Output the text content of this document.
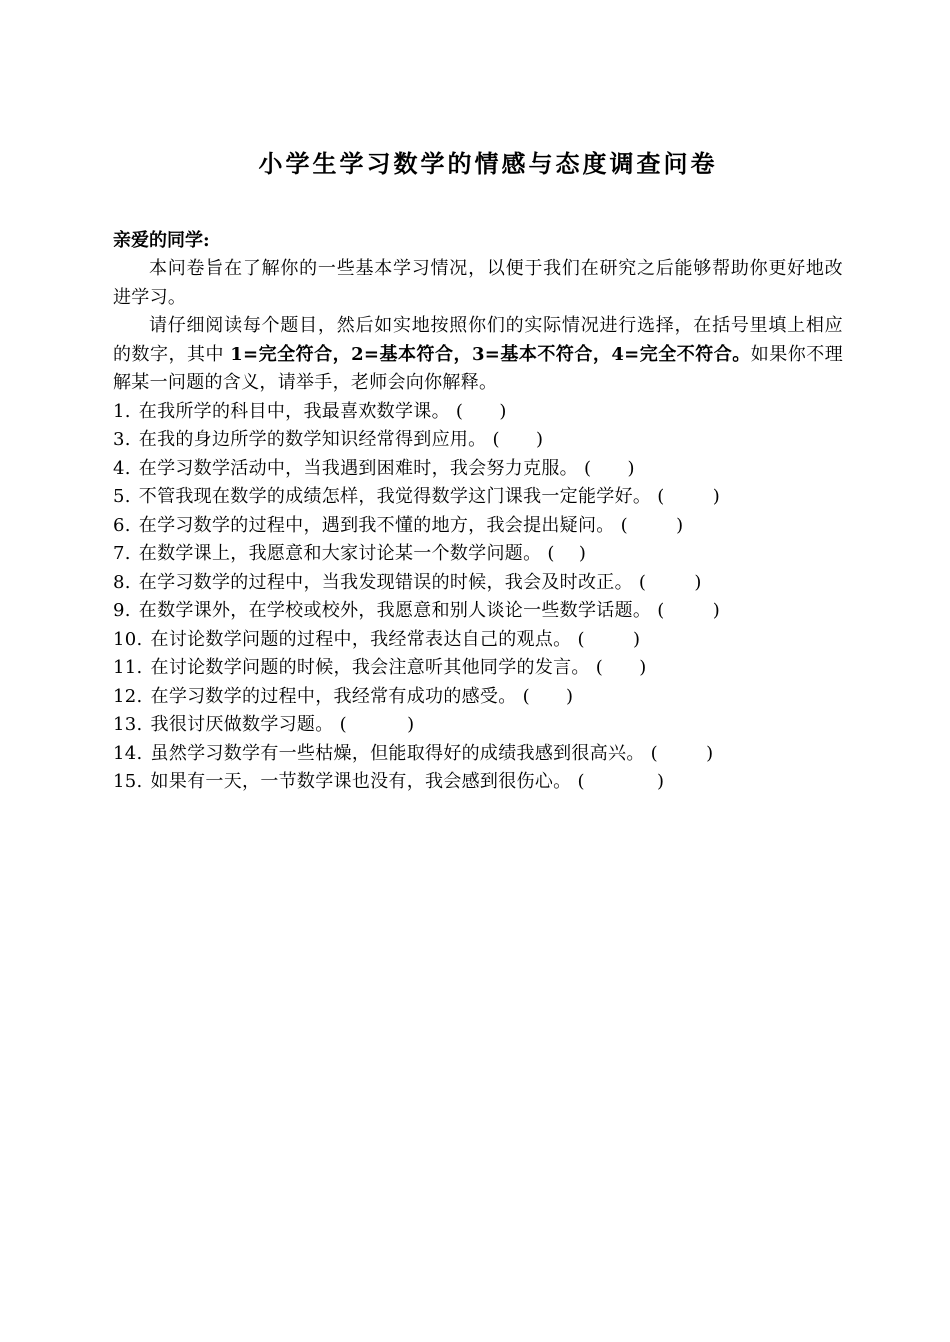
小学生学习数学的情感与态度调查问卷

亲爱的同学:

本问卷旨在了解你的一些基本学习情况，以便于我们在研究之后能够帮助你更好地改进学习。

请仔细阅读每个题目，然后如实地按照你们的实际情况进行选择，在括号里填上相应的数字，其中 1=完全符合，2=基本符合，3=基本不符合，4=完全不符合。如果你不理解某一问题的含义，请举手，老师会向你解释。

1. 在我所学的科目中，我最喜欢数学课。 (      )
3. 在我的身边所学的数学知识经常得到应用。 (      )
4. 在学习数学活动中，当我遇到困难时，我会努力克服。 (      )
5. 不管我现在数学的成绩怎样，我觉得数学这门课我一定能学好。 (        )
6. 在学习数学的过程中，遇到我不懂的地方，我会提出疑问。 (        )
7. 在数学课上，我愿意和大家讨论某一个数学问题。 (    )
8. 在学习数学的过程中，当我发现错误的时候，我会及时改正。 (        )
9. 在数学课外，在学校或校外，我愿意和别人谈论一些数学话题。 (        )
10. 在讨论数学问题的过程中，我经常表达自己的观点。 (        )
11. 在讨论数学问题的时候，我会注意听其他同学的发言。 (      )
12. 在学习数学的过程中，我经常有成功的感受。 (      )
13. 我很讨厌做数学习题。 (          )
14. 虽然学习数学有一些枯燥，但能取得好的成绩我感到很高兴。 (        )
15. 如果有一天，一节数学课也没有，我会感到很伤心。 (            )
